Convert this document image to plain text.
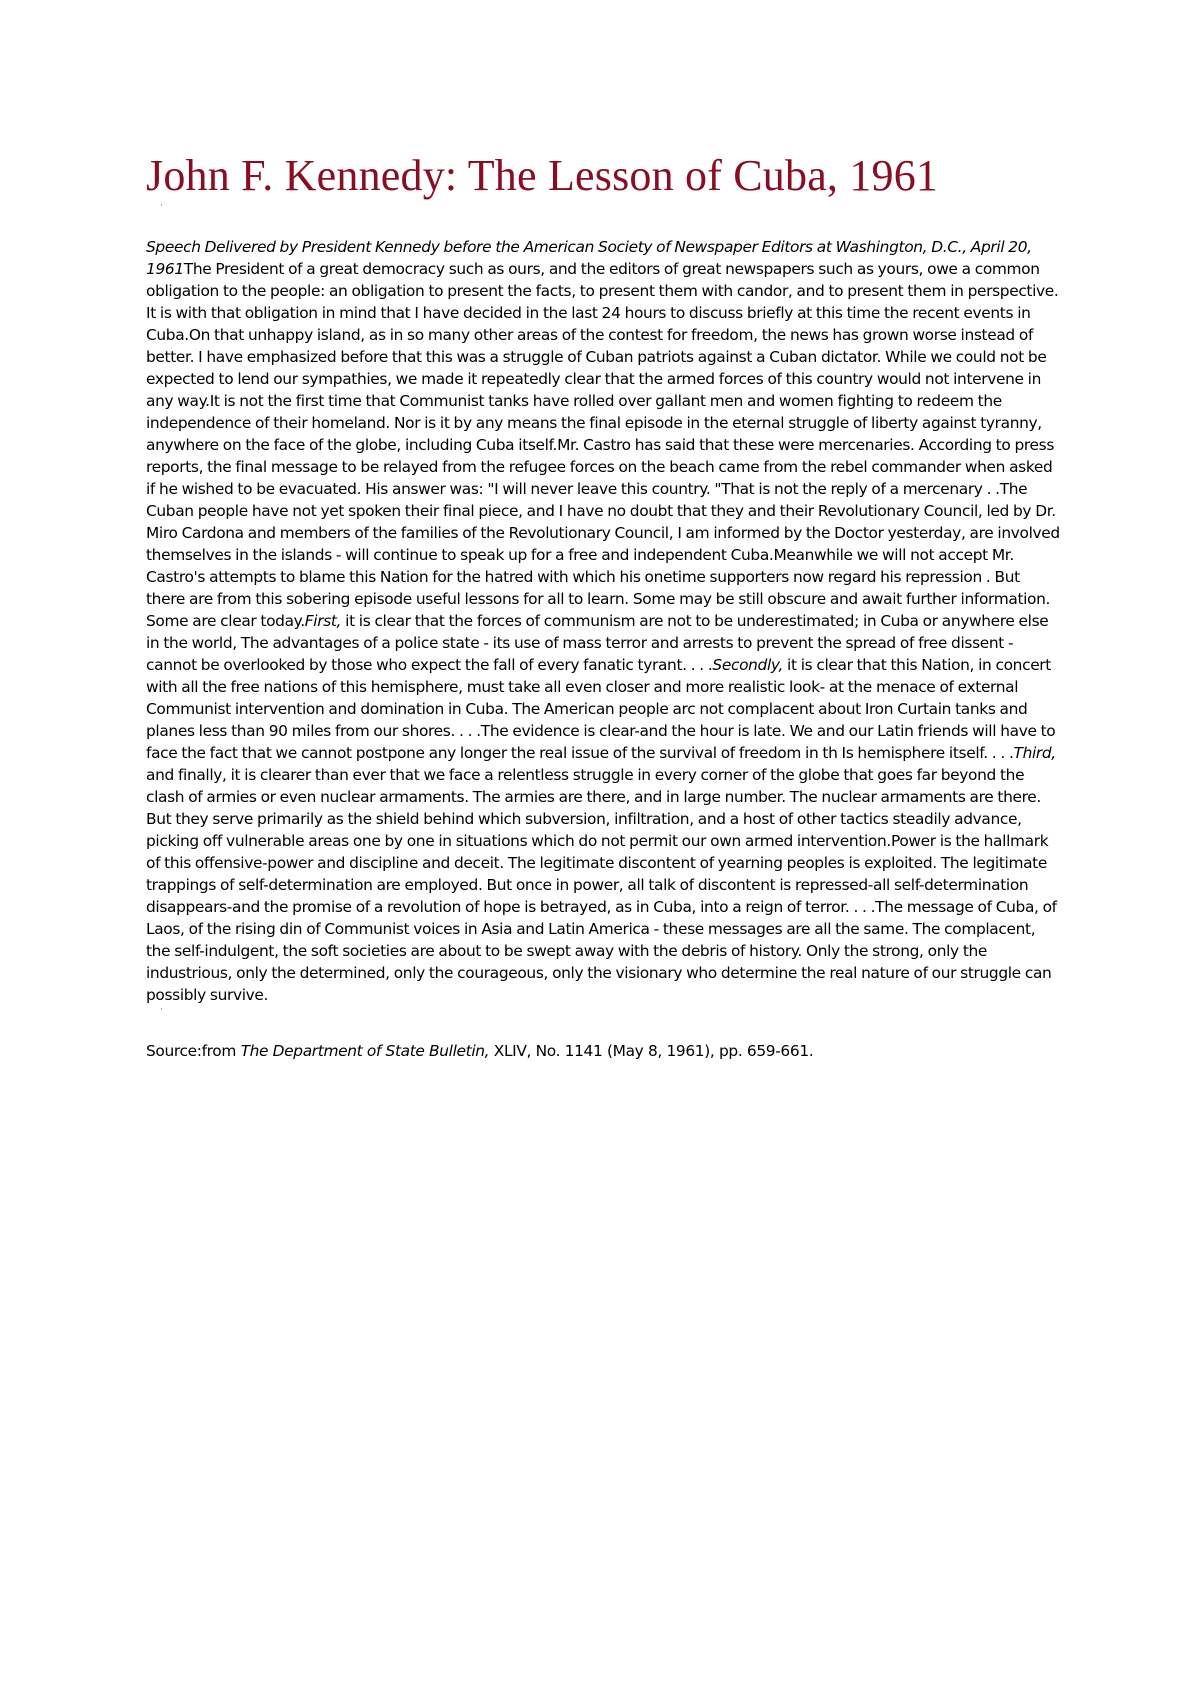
John F. Kennedy: The Lesson of Cuba, 1961
·
Speech Delivered by President Kennedy before the American Society of Newspaper Editors at Washington, D.C., April 20, 1961The President of a great democracy such as ours, and the editors of great newspapers such as yours, owe a common obligation to the people: an obligation to present the facts, to present them with candor, and to present them in perspective. It is with that obligation in mind that I have decided in the last 24 hours to discuss briefly at this time the recent events in Cuba.On that unhappy island, as in so many other areas of the contest for freedom, the news has grown worse instead of better. I have emphasized before that this was a struggle of Cuban patriots against a Cuban dictator. While we could not be expected to lend our sympathies, we made it repeatedly clear that the armed forces of this country would not intervene in any way.It is not the first time that Communist tanks have rolled over gallant men and women fighting to redeem the independence of their homeland. Nor is it by any means the final episode in the eternal struggle of liberty against tyranny, anywhere on the face of the globe, including Cuba itself.Mr. Castro has said that these were mercenaries. According to press reports, the final message to be relayed from the refugee forces on the beach came from the rebel commander when asked if he wished to be evacuated. His answer was: "I will never leave this country. "That is not the reply of a mercenary . .The Cuban people have not yet spoken their final piece, and I have no doubt that they and their Revolutionary Council, led by Dr. Miro Cardona and members of the families of the Revolutionary Council, I am informed by the Doctor yesterday, are involved themselves in the islands - will continue to speak up for a free and independent Cuba.Meanwhile we will not accept Mr. Castro's attempts to blame this Nation for the hatred with which his onetime supporters now regard his repression . But there are from this sobering episode useful lessons for all to learn. Some may be still obscure and await further information. Some are clear today.First, it is clear that the forces of communism are not to be underestimated; in Cuba or anywhere else in the world, The advantages of a police state - its use of mass terror and arrests to prevent the spread of free dissent - cannot be overlooked by those who expect the fall of every fanatic tyrant. . . .Secondly, it is clear that this Nation, in concert with all the free nations of this hemisphere, must take all even closer and more realistic look- at the menace of external Communist intervention and domination in Cuba. The American people arc not complacent about Iron Curtain tanks and planes less than 90 miles from our shores. . . .The evidence is clear-and the hour is late. We and our Latin friends will have to face the fact that we cannot postpone any longer the real issue of the survival of freedom in th Is hemisphere itself. . . .Third, and finally, it is clearer than ever that we face a relentless struggle in every corner of the globe that goes far beyond the clash of armies or even nuclear armaments. The armies are there, and in large number. The nuclear armaments are there. But they serve primarily as the shield behind which subversion, infiltration, and a host of other tactics steadily advance, picking off vulnerable areas one by one in situations which do not permit our own armed intervention.Power is the hallmark of this offensive-power and discipline and deceit. The legitimate discontent of yearning peoples is exploited. The legitimate trappings of self-determination are employed. But once in power, all talk of discontent is repressed-all self-determination disappears-and the promise of a revolution of hope is betrayed, as in Cuba, into a reign of terror. . . .The message of Cuba, of Laos, of the rising din of Communist voices in Asia and Latin America - these messages are all the same. The complacent, the self-indulgent, the soft societies are about to be swept away with the debris of history. Only the strong, only the industrious, only the determined, only the courageous, only the visionary who determine the real nature of our struggle can possibly survive.
·
Source:from The Department of State Bulletin, XLIV, No. 1141 (May 8, 1961), pp. 659-661.
